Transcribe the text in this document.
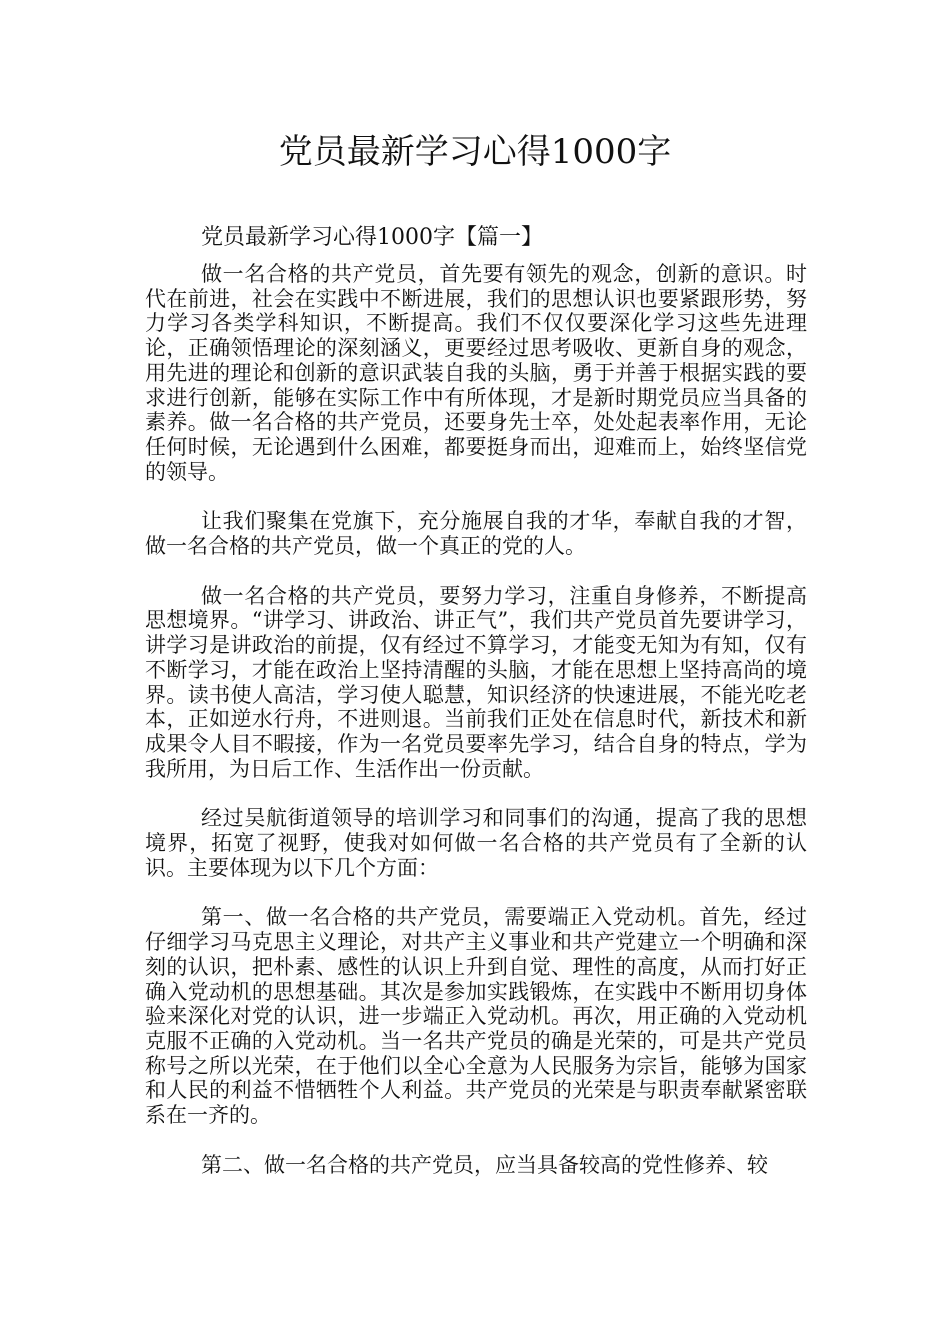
党员最新学习心得1000字
党员最新学习心得1000字【篇一】

做一名合格的共产党员，首先要有领先的观念，创新的意识。时代在前进，社会在实践中不断进展，我们的思想认识也要紧跟形势，努力学习各类学科知识，不断提高。我们不仅仅要深化学习这些先进理论，正确领悟理论的深刻涵义，更要经过思考吸收、更新自身的观念，用先进的理论和创新的意识武装自我的头脑，勇于并善于根据实践的要求进行创新，能够在实际工作中有所体现，才是新时期党员应当具备的素养。做一名合格的共产党员，还要身先士卒，处处起表率作用，无论任何时候，无论遇到什么困难，都要挺身而出，迎难而上，始终坚信党的领导。

让我们聚集在党旗下，充分施展自我的才华，奉献自我的才智，做一名合格的共产党员，做一个真正的党的人。

做一名合格的共产党员，要努力学习，注重自身修养，不断提高思想境界。“讲学习、讲政治、讲正气”，我们共产党员首先要讲学习，讲学习是讲政治的前提，仅有经过不算学习，才能变无知为有知，仅有不断学习，才能在政治上坚持清醒的头脑，才能在思想上坚持高尚的境界。读书使人高洁，学习使人聪慧，知识经济的快速进展，不能光吃老本，正如逆水行舟，不进则退。当前我们正处在信息时代，新技术和新成果令人目不暇接，作为一名党员要率先学习，结合自身的特点，学为我所用，为日后工作、生活作出一份贡献。

经过吴航街道领导的培训学习和同事们的沟通，提高了我的思想境界，拓宽了视野，使我对如何做一名合格的共产党员有了全新的认识。主要体现为以下几个方面：

第一、做一名合格的共产党员，需要端正入党动机。首先，经过仔细学习马克思主义理论，对共产主义事业和共产党建立一个明确和深刻的认识，把朴素、感性的认识上升到自觉、理性的高度，从而打好正确入党动机的思想基础。其次是参加实践锻炼，在实践中不断用切身体验来深化对党的认识，进一步端正入党动机。再次，用正确的入党动机克服不正确的入党动机。当一名共产党员的确是光荣的，可是共产党员称号之所以光荣，在于他们以全心全意为人民服务为宗旨，能够为国家和人民的利益不惜牺牲个人利益。共产党员的光荣是与职责奉献紧密联系在一齐的。

第二、做一名合格的共产党员，应当具备较高的党性修养、较
